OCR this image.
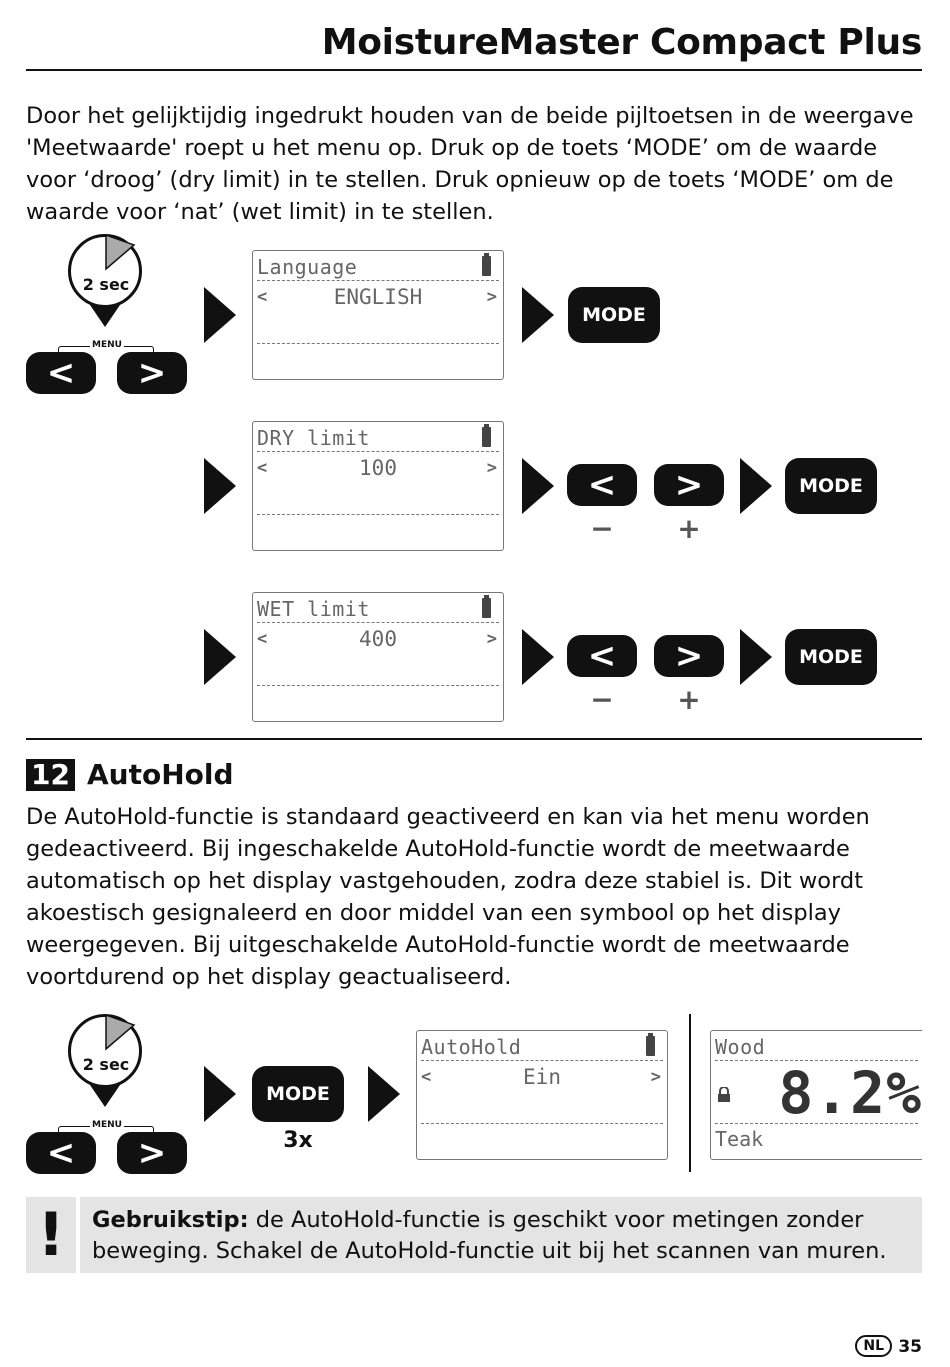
MoistureMaster Compact Plus

Door het gelijktijdig ingedrukt houden van de beide pijltoetsen in de weergave 'Meetwaarde' roept u het menu op. Druk op de toets ‘MODE’ om de waarde voor ‘droog’ (dry limit) in te stellen. Druk opnieuw op de toets ‘MODE’ om de waarde voor ‘nat’ (wet limit) in te stellen.

2 sec
MENU
<	>
Language
<	ENGLISH	>
MODE
DRY limit
<	100	>	<	>
−	+
MODE
WET limit
<	400	>	<	>
−	+
MODE
12 AutoHold

De AutoHold-functie is standaard geactiveerd en kan via het menu worden gedeactiveerd. Bij ingeschakelde AutoHold-functie wordt de meetwaarde automatisch op het display vastgehouden, zodra deze stabiel is. Dit wordt akoestisch gesignaleerd en door middel van een symbool op het display weergegeven. Bij uitgeschakelde AutoHold-functie wordt de meetwaarde voortdurend op het display geactualiseerd.

2 sec
MENU
<	>
MODE
3x
AutoHold
<	Ein	>
Wood
8.2%
Teak
!	Gebruikstip: de AutoHold-functie is geschikt voor metingen zonder beweging. Schakel de AutoHold-functie uit bij het scannen van muren.
NL 35
